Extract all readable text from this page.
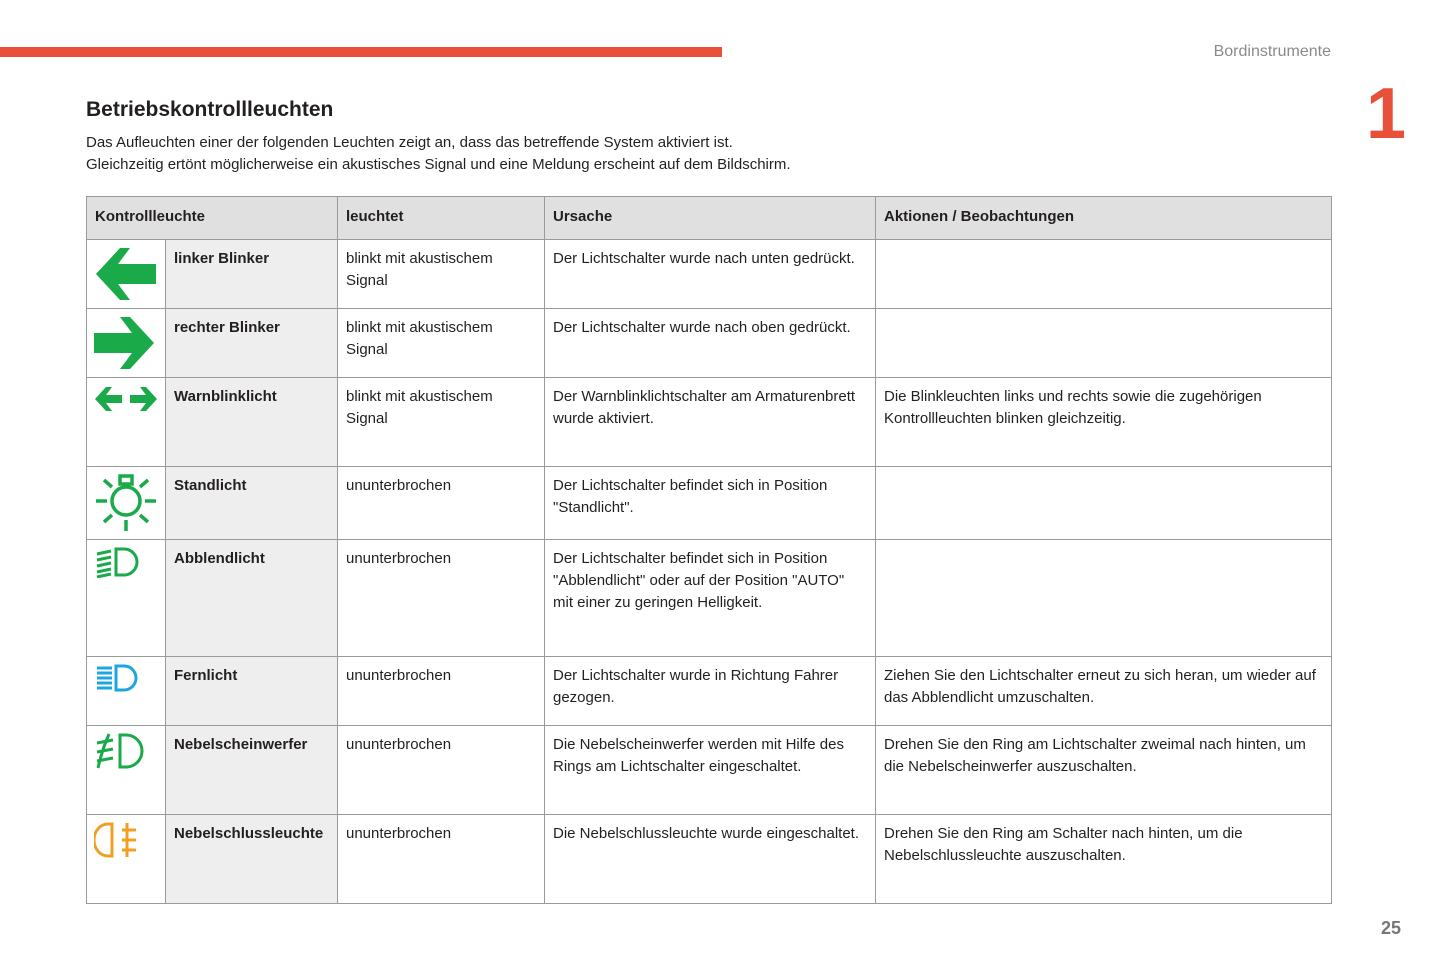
Bordinstrumente
1
Betriebskontrollleuchten
Das Aufleuchten einer der folgenden Leuchten zeigt an, dass das betreffende System aktiviert ist.
Gleichzeitig ertönt möglicherweise ein akustisches Signal und eine Meldung erscheint auf dem Bildschirm.
Kontrollleuchte		leuchtet	Ursache	Aktionen / Beobachtungen

	linker Blinker	blinkt mit akustischem Signal	Der Lichtschalter wurde nach unten gedrückt.	

	rechter Blinker	blinkt mit akustischem Signal	Der Lichtschalter wurde nach oben gedrückt.	

	Warnblinklicht	blinkt mit akustischem Signal	Der Warnblinklichtschalter am Armaturenbrett wurde aktiviert.	Die Blinkleuchten links und rechts sowie die zugehörigen Kontrollleuchten blinken gleichzeitig.

	Standlicht	ununterbrochen	Der Lichtschalter befindet sich in Position "Standlicht".	

	Abblendlicht	ununterbrochen	Der Lichtschalter befindet sich in Position "Abblendlicht" oder auf der Position "AUTO" mit einer zu geringen Helligkeit.	

	Fernlicht	ununterbrochen	Der Lichtschalter wurde in Richtung Fahrer gezogen.	Ziehen Sie den Lichtschalter erneut zu sich heran, um wieder auf das Abblendlicht umzuschalten.

	Nebelscheinwerfer	ununterbrochen	Die Nebelscheinwerfer werden mit Hilfe des Rings am Lichtschalter eingeschaltet.	Drehen Sie den Ring am Lichtschalter zweimal nach hinten, um die Nebelscheinwerfer auszuschalten.

	Nebelschlussleuchte	ununterbrochen	Die Nebelschlussleuchte wurde eingeschaltet.	Drehen Sie den Ring am Schalter nach hinten, um die Nebelschlussleuchte auszuschalten.
25
